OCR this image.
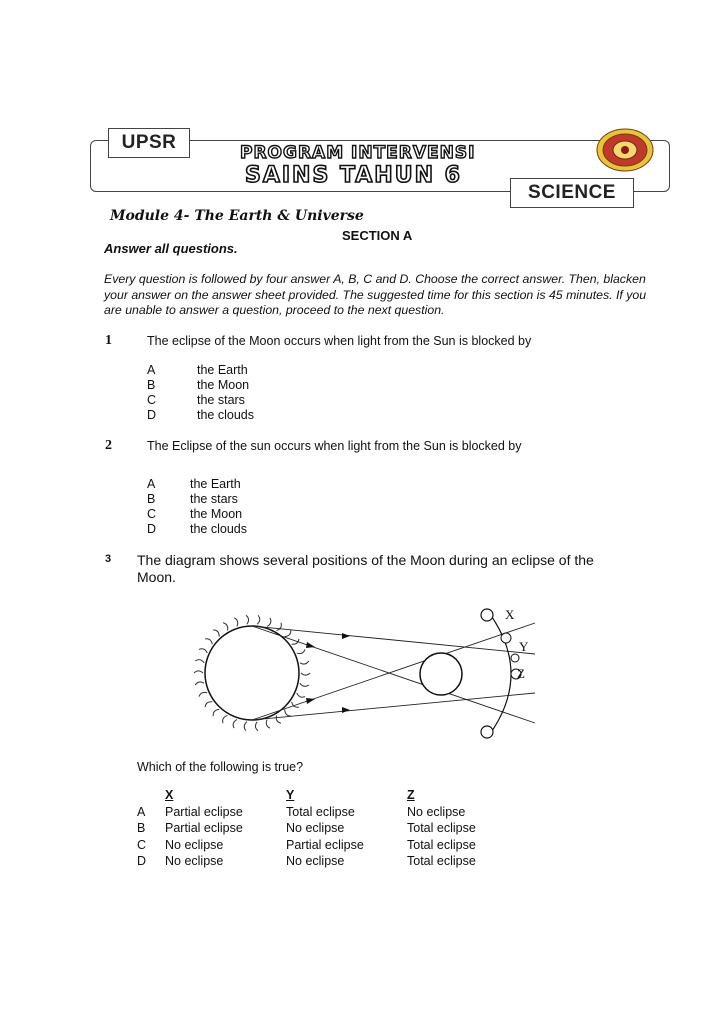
UPSR	PROGRAM INTERVENSI
SAINS TAHUN 6
SCIENCE
Module 4- The Earth & Universe
SECTION A
Answer all questions.
Every question is followed by four answer A, B, C and D. Choose the correct answer. Then, blacken your answer on the answer sheet provided. The suggested time for this section is 45 minutes. If you are unable to answer a question, proceed to the next question.
1	The eclipse of the Moon occurs when light from the Sun is blocked by
A	the Earth
B	the Moon
C	the stars
D	the clouds
2	The Eclipse of the sun occurs when light from the Sun is blocked by
A	the Earth
B	the stars
C	the Moon
D	the clouds
3 The diagram shows several positions of the Moon during an eclipse of the Moon.
X
Y
Z
Which of the following is true?
X	Y	Z
A	Partial eclipse	Total eclipse	No eclipse
B	Partial eclipse	No eclipse	Total eclipse
C	No eclipse	Partial eclipse	Total eclipse
D	No eclipse	No eclipse	Total eclipse
